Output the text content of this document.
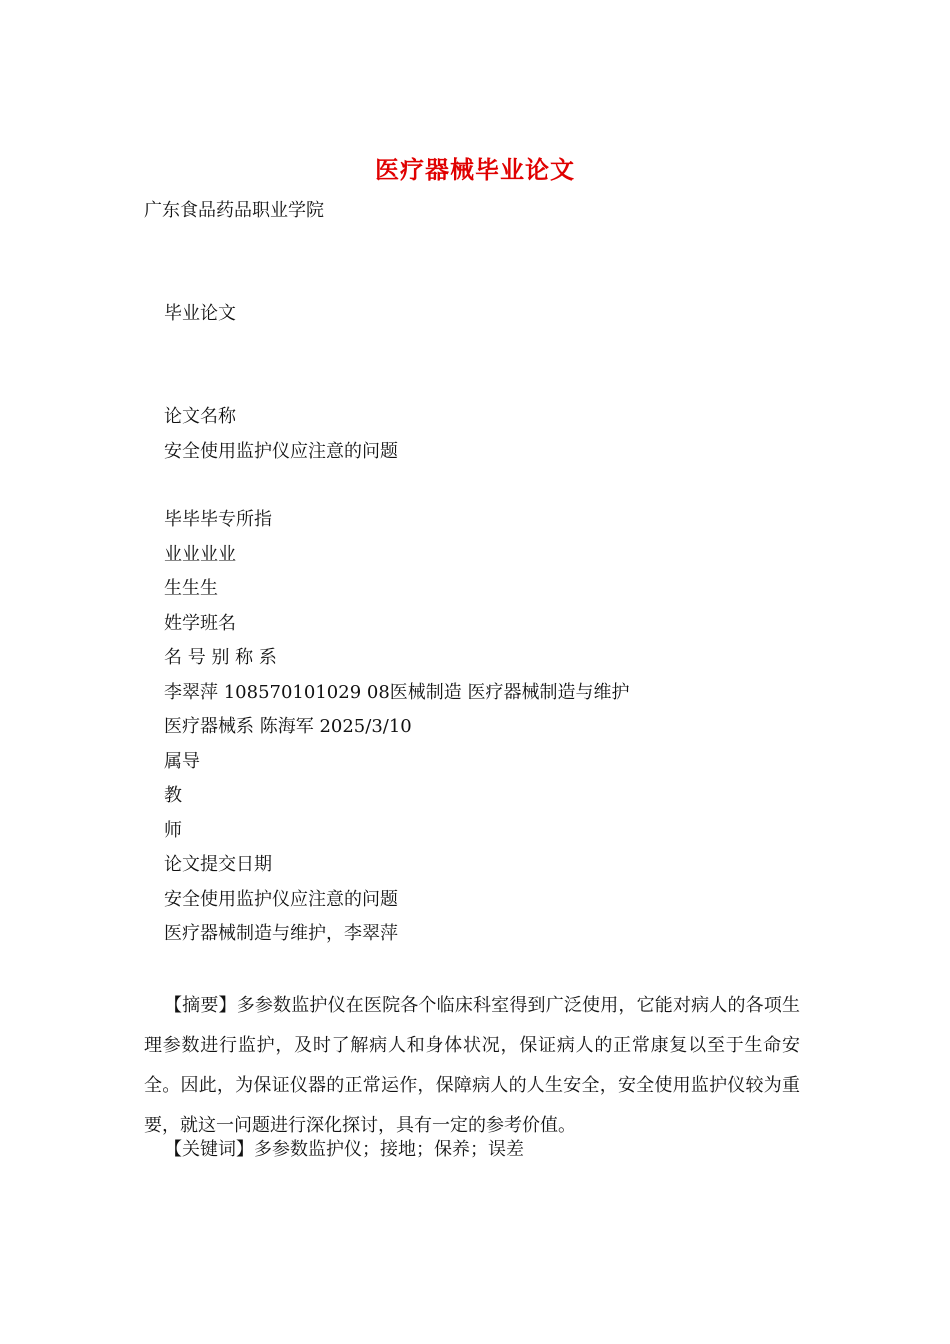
医疗器械毕业论文
广东食品药品职业学院
毕业论文
论文名称
安全使用监护仪应注意的问题
毕毕毕专所指
业业业业
生生生
姓学班名
名 号 别 称 系
李翠萍 108570101029 08医械制造 医疗器械制造与维护
医疗器械系 陈海军 2025/3/10
属导
教
师
论文提交日期
安全使用监护仪应注意的问题
医疗器械制造与维护，李翠萍
【摘要】多参数监护仪在医院各个临床科室得到广泛使用，它能对病人的各项生理参数进行监护，及时了解病人和身体状况，保证病人的正常康复以至于生命安全。因此，为保证仪器的正常运作，保障病人的人生安全，安全使用监护仪较为重要，就这一问题进行深化探讨，具有一定的参考价值。
【关键词】多参数监护仪；接地；保养；误差
